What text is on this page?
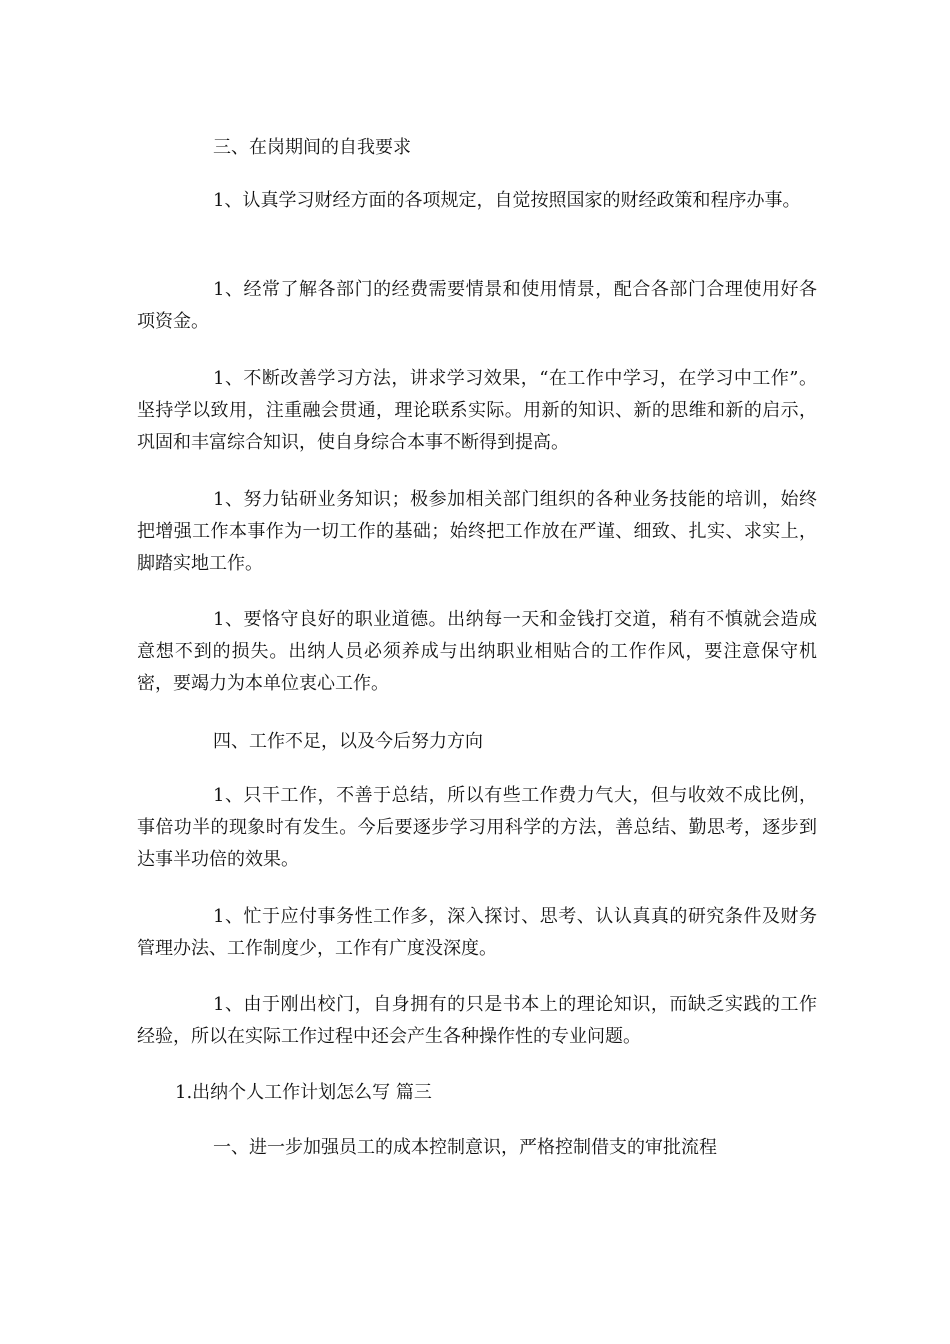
三、在岗期间的自我要求

1、认真学习财经方面的各项规定，自觉按照国家的财经政策和程序办事。

1、经常了解各部门的经费需要情景和使用情景，配合各部门合理使用好各项资金。

1、不断改善学习方法，讲求学习效果，“在工作中学习，在学习中工作”。坚持学以致用，注重融会贯通，理论联系实际。用新的知识、新的思维和新的启示，巩固和丰富综合知识，使自身综合本事不断得到提高。

1、努力钻研业务知识；极参加相关部门组织的各种业务技能的培训，始终把增强工作本事作为一切工作的基础；始终把工作放在严谨、细致、扎实、求实上，脚踏实地工作。

1、要恪守良好的职业道德。出纳每一天和金钱打交道，稍有不慎就会造成意想不到的损失。出纳人员必须养成与出纳职业相贴合的工作作风，要注意保守机密，要竭力为本单位衷心工作。

四、工作不足，以及今后努力方向

1、只干工作，不善于总结，所以有些工作费力气大，但与收效不成比例，事倍功半的现象时有发生。今后要逐步学习用科学的方法，善总结、勤思考，逐步到达事半功倍的效果。

1、忙于应付事务性工作多，深入探讨、思考、认认真真的研究条件及财务管理办法、工作制度少，工作有广度没深度。

1、由于刚出校门，自身拥有的只是书本上的理论知识，而缺乏实践的工作经验，所以在实际工作过程中还会产生各种操作性的专业问题。

1.出纳个人工作计划怎么写 篇三

一、进一步加强员工的成本控制意识，严格控制借支的审批流程
